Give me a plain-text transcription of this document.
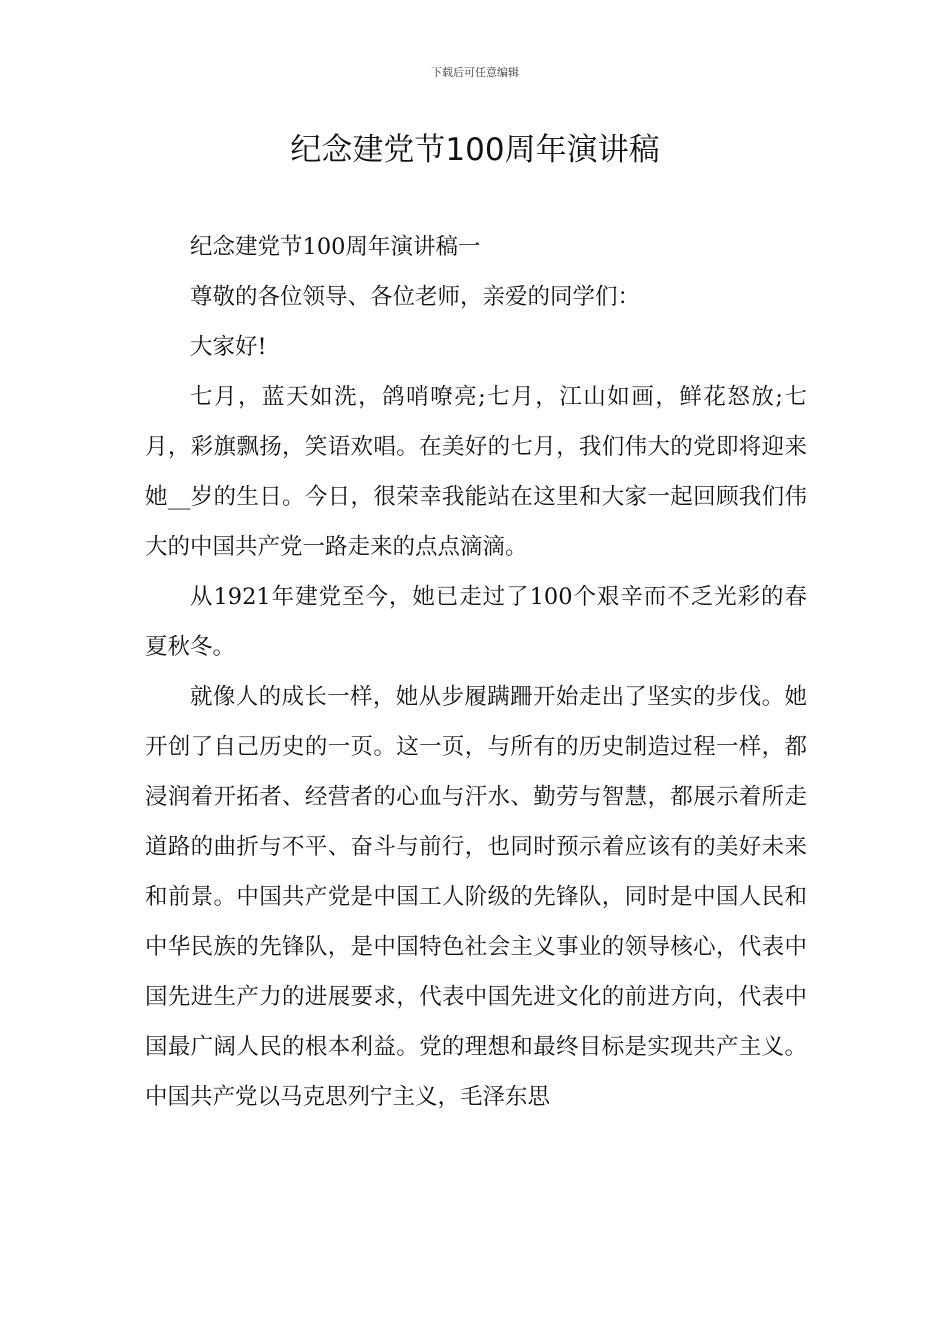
下载后可任意编辑
纪念建党节100周年演讲稿

纪念建党节100周年演讲稿一

尊敬的各位领导、各位老师，亲爱的同学们：

大家好!

七月，蓝天如洗，鸽哨嘹亮;七月，江山如画，鲜花怒放;七月，彩旗飘扬，笑语欢唱。在美好的七月，我们伟大的党即将迎来她__岁的生日。今日，很荣幸我能站在这里和大家一起回顾我们伟大的中国共产党一路走来的点点滴滴。

从1921年建党至今，她已走过了100个艰辛而不乏光彩的春夏秋冬。

就像人的成长一样，她从步履蹒跚开始走出了坚实的步伐。她开创了自己历史的一页。这一页，与所有的历史制造过程一样，都浸润着开拓者、经营者的心血与汗水、勤劳与智慧，都展示着所走道路的曲折与不平、奋斗与前行，也同时预示着应该有的美好未来和前景。中国共产党是中国工人阶级的先锋队，同时是中国人民和中华民族的先锋队，是中国特色社会主义事业的领导核心，代表中国先进生产力的进展要求，代表中国先进文化的前进方向，代表中国最广阔人民的根本利益。党的理想和最终目标是实现共产主义。中国共产党以马克思列宁主义，毛泽东思
